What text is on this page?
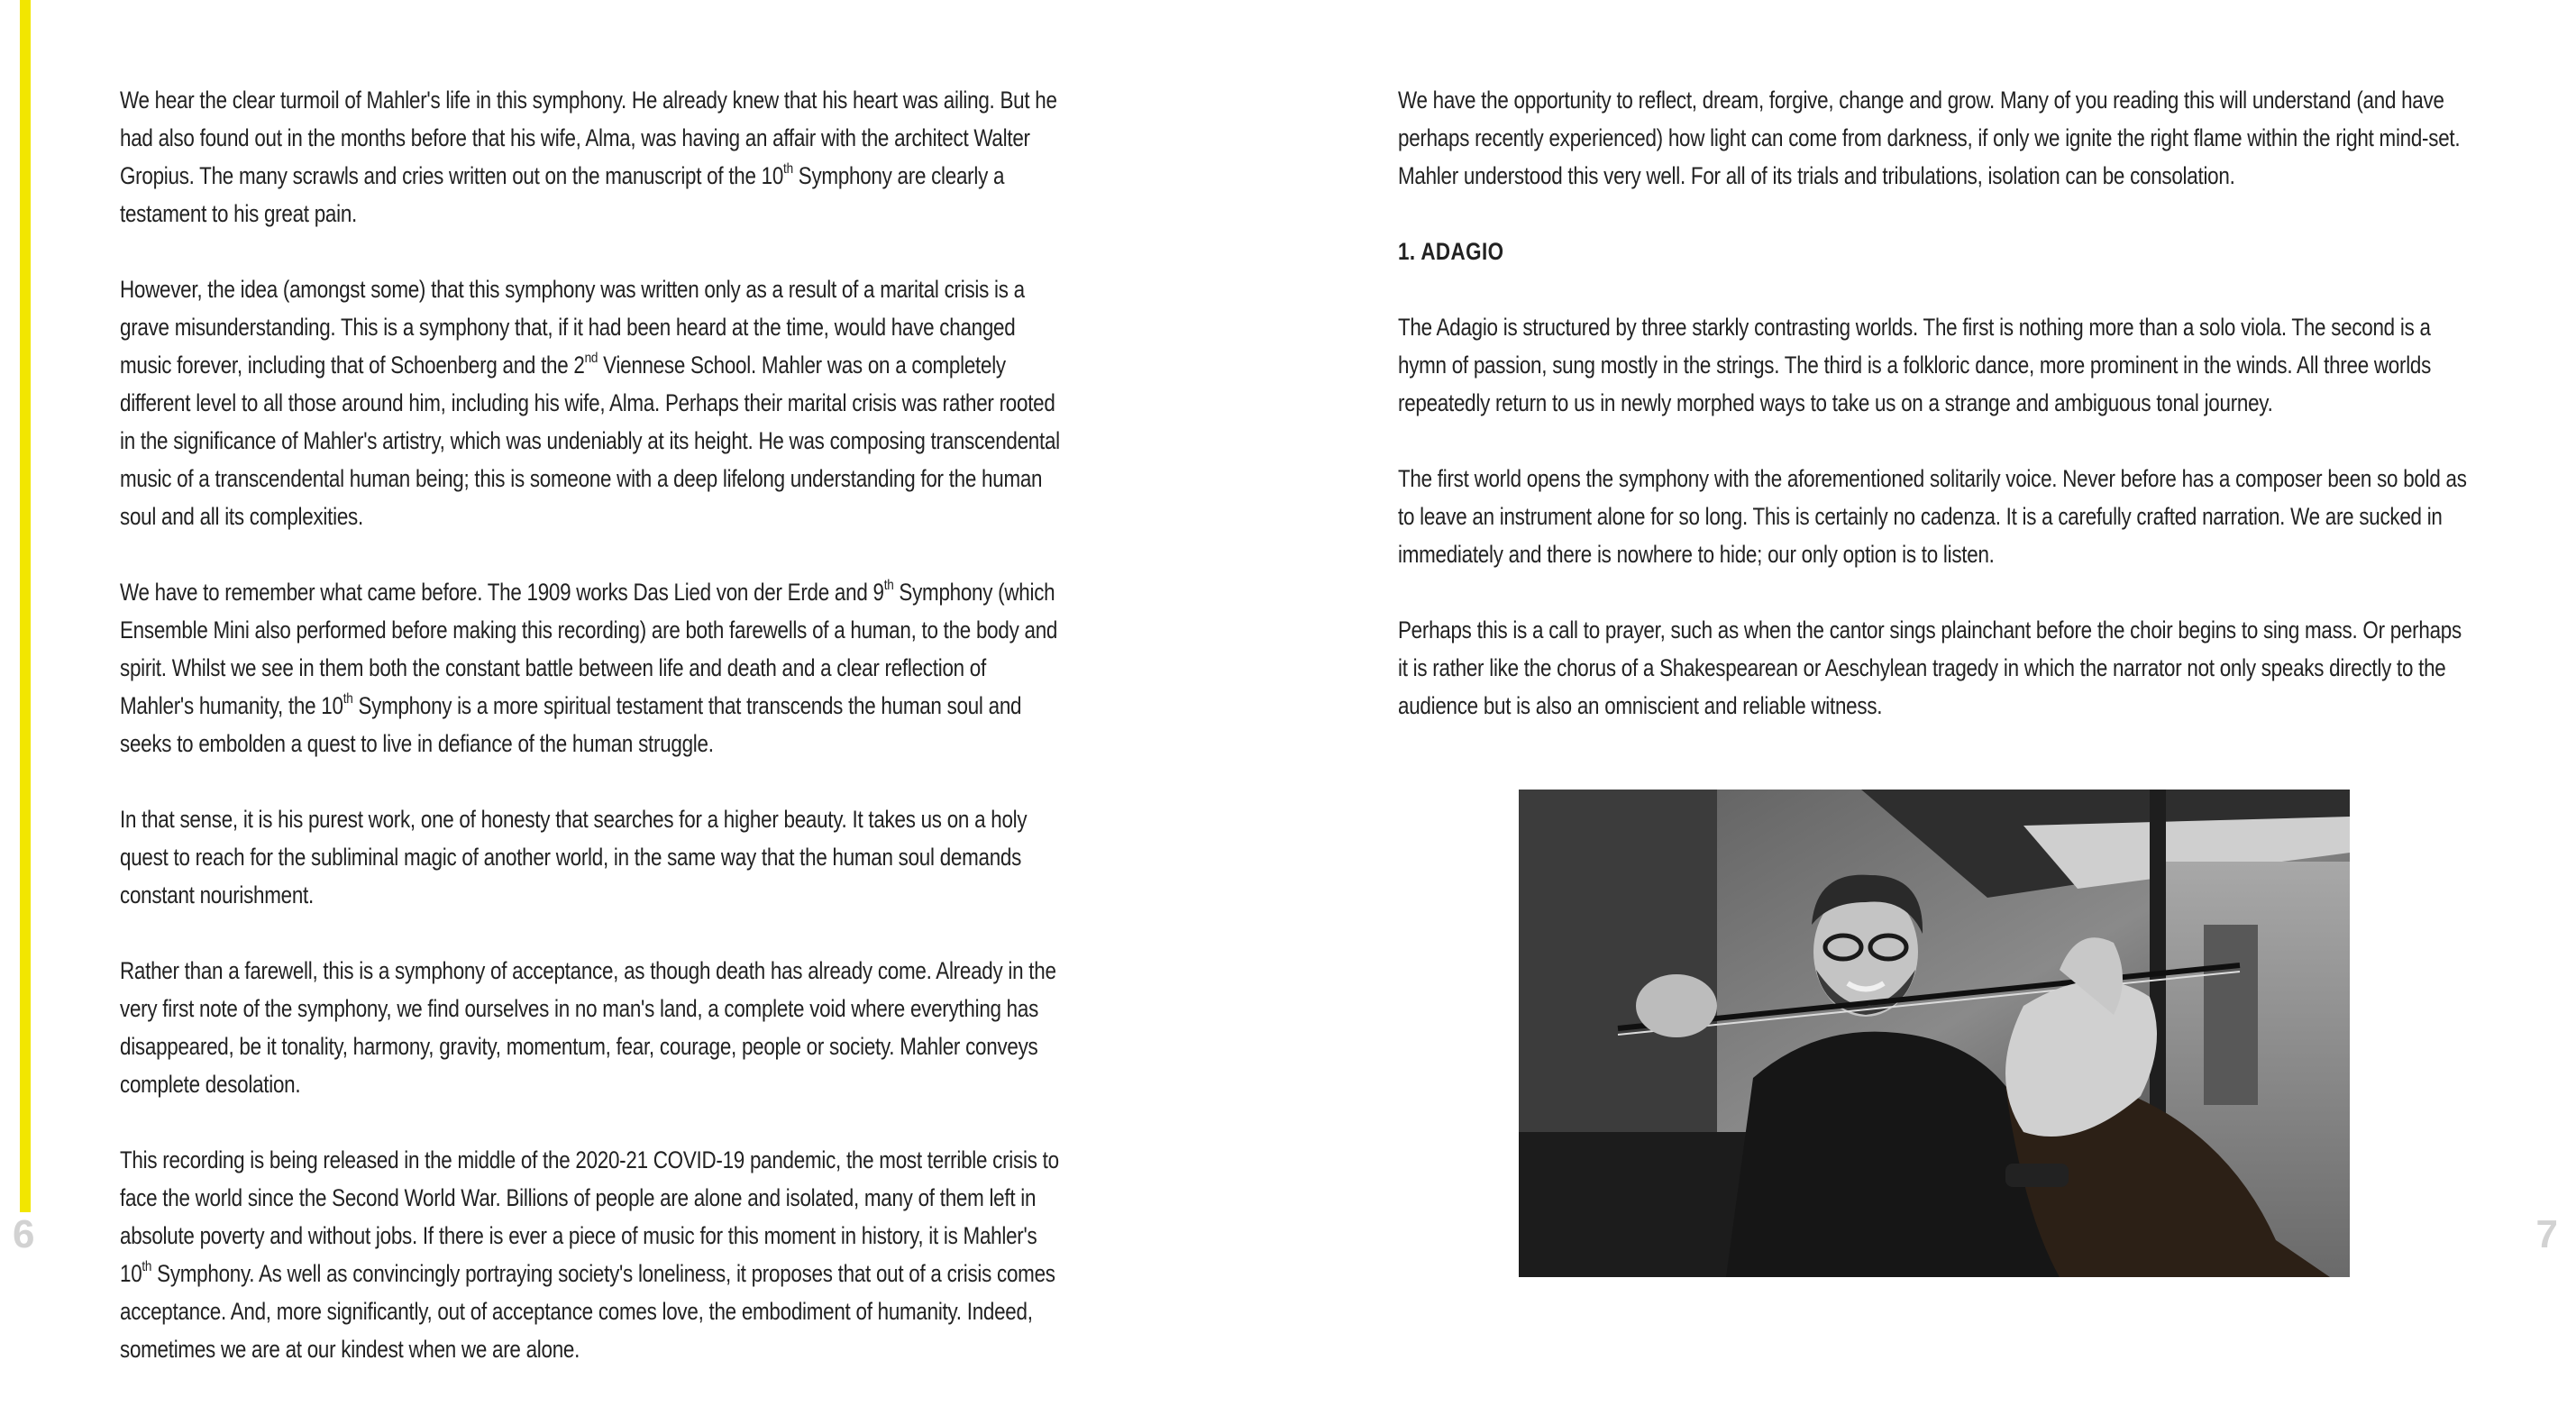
We hear the clear turmoil of Mahler's life in this symphony. He already knew that his heart was ailing. But he had also found out in the months before that his wife, Alma, was having an affair with the architect Walter Gropius. The many scrawls and cries written out on the manuscript of the 10th Symphony are clearly a testament to his great pain.

However, the idea (amongst some) that this symphony was written only as a result of a marital crisis is a grave misunderstanding. This is a symphony that, if it had been heard at the time, would have changed music forever, including that of Schoenberg and the 2nd Viennese School. Mahler was on a completely different level to all those around him, including his wife, Alma. Perhaps their marital crisis was rather rooted in the significance of Mahler's artistry, which was undeniably at its height. He was composing transcendental music of a transcendental human being; this is someone with a deep lifelong understanding for the human soul and all its complexities.

We have to remember what came before. The 1909 works Das Lied von der Erde and 9th Symphony (which Ensemble Mini also performed before making this recording) are both farewells of a human, to the body and spirit. Whilst we see in them both the constant battle between life and death and a clear reflection of Mahler's humanity, the 10th Symphony is a more spiritual testament that transcends the human soul and seeks to embolden a quest to live in defiance of the human struggle.

In that sense, it is his purest work, one of honesty that searches for a higher beauty. It takes us on a holy quest to reach for the subliminal magic of another world, in the same way that the human soul demands constant nourishment.

Rather than a farewell, this is a symphony of acceptance, as though death has already come. Already in the very first note of the symphony, we find ourselves in no man's land, a complete void where everything has disappeared, be it tonality, harmony, gravity, momentum, fear, courage, people or society. Mahler conveys complete desolation.

This recording is being released in the middle of the 2020-21 COVID-19 pandemic, the most terrible crisis to face the world since the Second World War. Billions of people are alone and isolated, many of them left in absolute poverty and without jobs. If there is ever a piece of music for this moment in history, it is Mahler's 10th Symphony. As well as convincingly portraying society's loneliness, it proposes that out of a crisis comes acceptance. And, more significantly, out of acceptance comes love, the embodiment of humanity. Indeed, sometimes we are at our kindest when we are alone.

6

We have the opportunity to reflect, dream, forgive, change and grow. Many of you reading this will understand (and have perhaps recently experienced) how light can come from darkness, if only we ignite the right flame within the right mind-set. Mahler understood this very well. For all of its trials and tribulations, isolation can be consolation.

1. ADAGIO

The Adagio is structured by three starkly contrasting worlds. The first is nothing more than a solo viola. The second is a hymn of passion, sung mostly in the strings. The third is a folkloric dance, more prominent in the winds. All three worlds repeatedly return to us in newly morphed ways to take us on a strange and ambiguous tonal journey.

The first world opens the symphony with the aforementioned solitarily voice. Never before has a composer been so bold as to leave an instrument alone for so long. This is certainly no cadenza. It is a carefully crafted narration. We are sucked in immediately and there is nowhere to hide; our only option is to listen.

Perhaps this is a call to prayer, such as when the cantor sings plainchant before the choir begins to sing mass. Or perhaps it is rather like the chorus of a Shakespearean or Aeschylean tragedy in which the narrator not only speaks directly to the audience but is also an omniscient and reliable witness.

7
